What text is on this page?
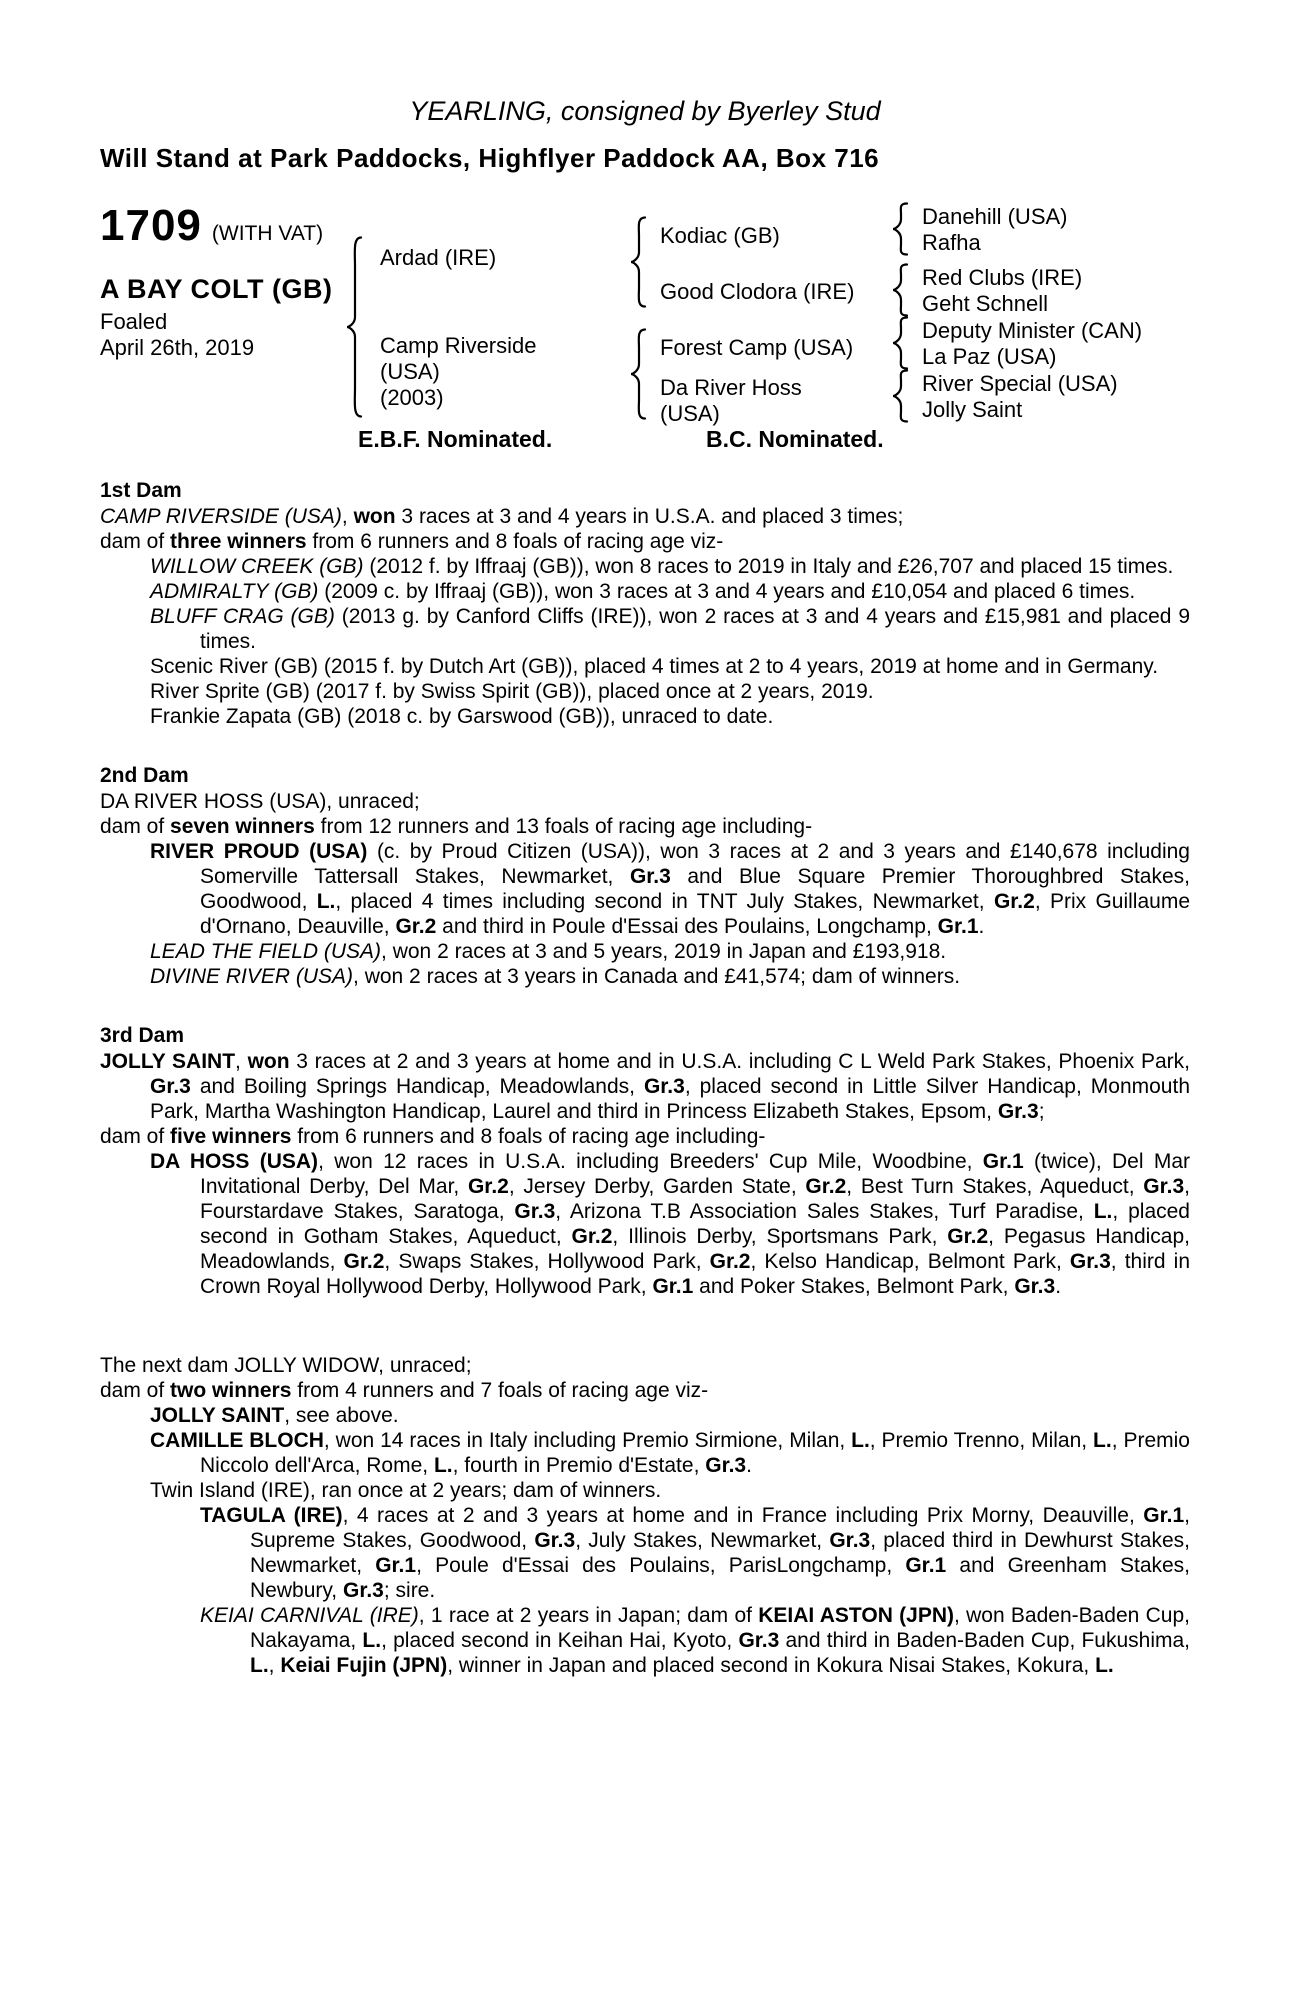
YEARLING, consigned by Byerley Stud
Will Stand at Park Paddocks, Highflyer Paddock AA, Box 716
1709 (WITH VAT)
A BAY COLT (GB)
Foaled
April 26th, 2019
Ardad (IRE)
Camp Riverside
(USA)
(2003)
Kodiac (GB)
Good Clodora (IRE)
Forest Camp (USA)
Da River Hoss
(USA)
Danehill (USA)
Rafha
Red Clubs (IRE)
Geht Schnell
Deputy Minister (CAN)
La Paz (USA)
River Special (USA)
Jolly Saint
E.B.F. Nominated.	B.C. Nominated.
1st Dam

CAMP RIVERSIDE (USA), won 3 races at 3 and 4 years in U.S.A. and placed 3 times;

dam of three winners from 6 runners and 8 foals of racing age viz-

WILLOW CREEK (GB) (2012 f. by Iffraaj (GB)), won 8 races to 2019 in Italy and £26,707 and placed 15 times.

ADMIRALTY (GB) (2009 c. by Iffraaj (GB)), won 3 races at 3 and 4 years and £10,054 and placed 6 times.

BLUFF CRAG (GB) (2013 g. by Canford Cliffs (IRE)), won 2 races at 3 and 4 years and £15,981 and placed 9 times.

Scenic River (GB) (2015 f. by Dutch Art (GB)), placed 4 times at 2 to 4 years, 2019 at home and in Germany.

River Sprite (GB) (2017 f. by Swiss Spirit (GB)), placed once at 2 years, 2019.

Frankie Zapata (GB) (2018 c. by Garswood (GB)), unraced to date.

2nd Dam

DA RIVER HOSS (USA), unraced;

dam of seven winners from 12 runners and 13 foals of racing age including-

RIVER PROUD (USA) (c. by Proud Citizen (USA)), won 3 races at 2 and 3 years and £140,678 including Somerville Tattersall Stakes, Newmarket, Gr.3 and Blue Square Premier Thoroughbred Stakes, Goodwood, L., placed 4 times including second in TNT July Stakes, Newmarket, Gr.2, Prix Guillaume d'Ornano, Deauville, Gr.2 and third in Poule d'Essai des Poulains, Longchamp, Gr.1.

LEAD THE FIELD (USA), won 2 races at 3 and 5 years, 2019 in Japan and £193,918.

DIVINE RIVER (USA), won 2 races at 3 years in Canada and £41,574; dam of winners.

3rd Dam

JOLLY SAINT, won 3 races at 2 and 3 years at home and in U.S.A. including C L Weld Park Stakes, Phoenix Park, Gr.3 and Boiling Springs Handicap, Meadowlands, Gr.3, placed second in Little Silver Handicap, Monmouth Park, Martha Washington Handicap, Laurel and third in Princess Elizabeth Stakes, Epsom, Gr.3;

dam of five winners from 6 runners and 8 foals of racing age including-

DA HOSS (USA), won 12 races in U.S.A. including Breeders' Cup Mile, Woodbine, Gr.1 (twice), Del Mar Invitational Derby, Del Mar, Gr.2, Jersey Derby, Garden State, Gr.2, Best Turn Stakes, Aqueduct, Gr.3, Fourstardave Stakes, Saratoga, Gr.3, Arizona T.B Association Sales Stakes, Turf Paradise, L., placed second in Gotham Stakes, Aqueduct, Gr.2, Illinois Derby, Sportsmans Park, Gr.2, Pegasus Handicap, Meadowlands, Gr.2, Swaps Stakes, Hollywood Park, Gr.2, Kelso Handicap, Belmont Park, Gr.3, third in Crown Royal Hollywood Derby, Hollywood Park, Gr.1 and Poker Stakes, Belmont Park, Gr.3.

The next dam JOLLY WIDOW, unraced;

dam of two winners from 4 runners and 7 foals of racing age viz-

JOLLY SAINT, see above.

CAMILLE BLOCH, won 14 races in Italy including Premio Sirmione, Milan, L., Premio Trenno, Milan, L., Premio Niccolo dell'Arca, Rome, L., fourth in Premio d'Estate, Gr.3.

Twin Island (IRE), ran once at 2 years; dam of winners.

TAGULA (IRE), 4 races at 2 and 3 years at home and in France including Prix Morny, Deauville, Gr.1, Supreme Stakes, Goodwood, Gr.3, July Stakes, Newmarket, Gr.3, placed third in Dewhurst Stakes, Newmarket, Gr.1, Poule d'Essai des Poulains, ParisLongchamp, Gr.1 and Greenham Stakes, Newbury, Gr.3; sire.

KEIAI CARNIVAL (IRE), 1 race at 2 years in Japan; dam of KEIAI ASTON (JPN), won Baden-Baden Cup, Nakayama, L., placed second in Keihan Hai, Kyoto, Gr.3 and third in Baden-Baden Cup, Fukushima, L., Keiai Fujin (JPN), winner in Japan and placed second in Kokura Nisai Stakes, Kokura, L.
